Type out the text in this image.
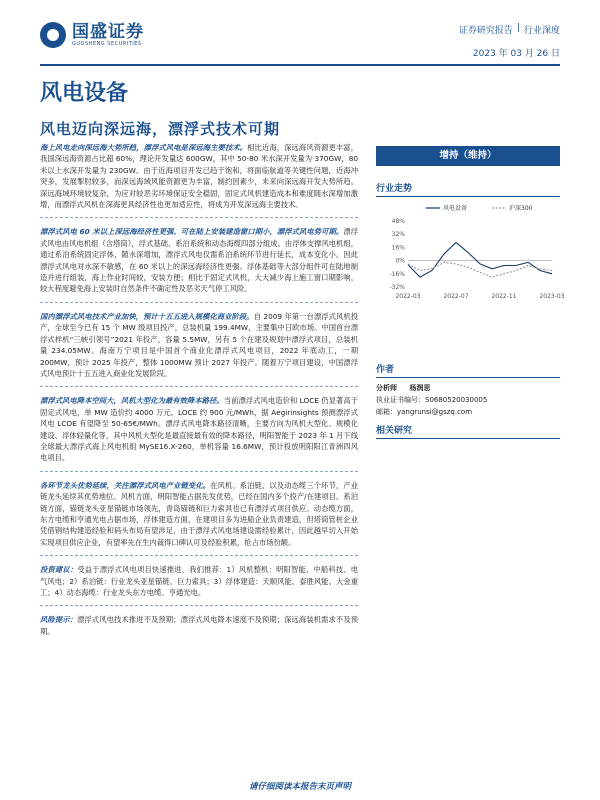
国盛证券
GUOSHENG SECURITIES
证券研究报告 | 行业深度
2023 年 03 月 26 日
风电设备
风电迈向深远海，漂浮式技术可期
海上风电走向深远海大势所趋，漂浮式风电是深远海主要技术。相比近海，深远海风资源更丰富，我国深远海资源占比超 60%，理论开发量达 600GW，其中 50-80 米水深开发量为 370GW，80 米以上水深开发量为 230GW。由于近海项目开发已趋于饱和，将面临航道等关键性问题，近海冲突多，发展掣肘较多，而深远海域风能资源更为丰富，制约因素少，未来向深远海开发大势所趋。深远海域环境较复杂，为应对较恶劣环境保证安全稳固，固定式风机建造成本和难度随水深增加激增，而漂浮式风机在深海更具经济性也更加适应性，将成为开发深远海主要技术。
漂浮式风电 60 米以上深远海经济性更强、可在陆上安装建造窗口期小，漂浮式风电势可期。漂浮式风电由风电机组（含塔筒），浮式基础、系泊系统和动态海缆四部分组成。由浮体支撑风电机组，通过系泊系统固定浮体，随水深增加，漂浮式风电仅需系泊系统环节进行延长，成本变化小。因此漂浮式风电对水深不敏感，在 60 米以上的深远海经济性更强。浮体基础等大部分组件可在陆地制造并进行组装，海上作业时间较，安装方便；相比于固定式风机，大大减少海上施工窗口期影响，较大程度避免海上安装时自然条件不确定性及恶劣天气停工风险。
国内漂浮式风电技术产业加快，预计十五五进入规模化商业阶段。自 2009 年第一台漂浮式风机投产，全球至今已有 15 个 MW 级项目投产，总装机量 199.4MW，主要集中日欧市场。中国首台漂浮式样机“三峡引领号”2021 年投产，容量 5.5MW，另有 5 个在建及规划中漂浮式项目，总装机量 234.05MW。海南万宁项目是中国首个商业化漂浮式风电项目，2022 年底动工，一期 200MW，预计 2025 年投产，整体 1000MW 预计 2027 年投产。随着万宁项目建设，中国漂浮式风电预计十五五进入商业化发展阶段。
漂浮式风电降本空间大，风机大型化为最有效降本路径。当前漂浮式风电造价和 LOCE 仍显著高于固定式风电，单 MW 造价约 4000 万元。LOCE 约 900 元/MWh，据 Aegirinsights 预测漂浮式风电 LCOE 有望降至 50-65€/MWh。漂浮式风电降本路径清晰，主要方向为风机大型化、规模化建设、浮体轻量化等，其中风机大型化是最直接最有效的降本路径，明阳智能于 2023 年 1 月下线全球最大漂浮式海上风电机组 MySE16.X-260，单机容量 16.6MW，预计投放明阳阳江青洲四风电项目。
各环节龙头优势延续，关注漂浮式风电产业链变化。在风机、系泊链、以及动态缆三个环节，产业链龙头延续其优势地位。风机方面，明阳智能占据先发优势，已经在国内多个投产/在建项目。系泊链方面，锚链龙头亚星锚链市场领先，青岛锚链和巨力索具也已有漂浮式项目供应。动态缆方面，东方电缆和亨通光电占据市场，浮体建造方面，在建项目多为进船企业负责建造，但塔筒管桩企业凭借钢结构建造经验和码头布局有望涉足，由于漂浮式风电场建设需经验累计，因此越早切入开始实现项目供应企业，有望率先在生内裁得口碑认可及经验积累，抢占市场份额。
投资建议：受益于漂浮式风电项目快速推进，我们推荐：1）风机整机：明阳智能、中船科技、电气风电；2）系泊链：行业龙头亚星锚链、巨力索具；3）浮体建造：天顺风能、泰胜风能、大金重工；4）动态海缆：行业龙头东方电缆、亨通光电。
风险提示：漂浮式风电技术推进不及预期；漂浮式风电降本速度不及预期；深远海装机需求不及预期。
增持（维持）
行业走势
48%
32%
16%
0%
-16%
-32%
2022-03	2022-07	2022-11	2023-03
风电设备	沪深300
作者
分析师 杨润思
执业证书编号：S0680520030005
邮箱：yangrunsi@gszq.com
相关研究
请仔细阅读本报告末页声明
